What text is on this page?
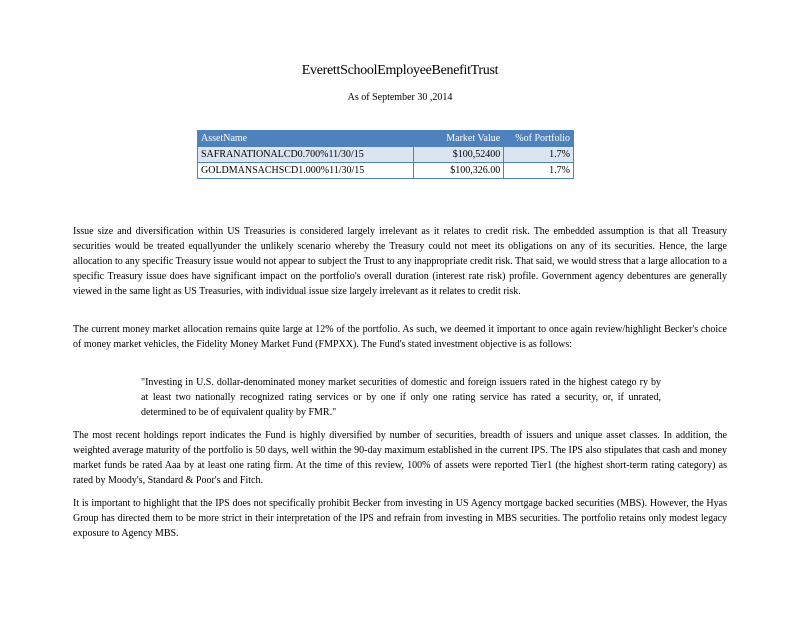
EverettSchoolEmployeeBenefitTrust
As of September 30 ,2014
AssetName	Market Value	%of Portfolio
SAFRANATIONALCD0.700%11/30/15	$100,52400	1.7%
GOLDMANSACHSCD1.000%11/30/15	$100,326.00	1.7%
Issue size and diversification within US Treasuries is considered largely irrelevant as it relates to credit risk. The embedded assumption is that all Treasury securities would be treated equallyunder the unlikely scenario whereby the Treasury could not meet its obligations on any of its securities. Hence, the large allocation to any specific Treasury issue would not appear to subject the Trust to any inappropriate credit risk. That said, we would stress that a large allocation to a specific Treasury issue does have significant impact on the portfolio's overall duration (interest rate risk) profile. Government agency debentures are generally viewed in the same light as US Treasuries, with individual issue size largely irrelevant as it relates to credit risk.
The current money market allocation remains quite large at 12% of the portfolio. As such, we deemed it important to once again review/highlight Becker's choice of money market vehicles, the Fidelity Money Market Fund (FMPXX). The Fund's stated investment objective is as follows:
"Investing in U.S. dollar-denominated money market securities of domestic and foreign issuers rated in the highest catego ry by at least two nationally recognized rating services or by one if only one rating service has rated a security, or, if unrated, determined to be of equivalent quality by FMR."
The most recent holdings report indicates the Fund is highly diversified by number of securities, breadth of issuers and unique asset classes. In addition, the weighted average maturity of the portfolio is 50 days, well within the 90-day maximum established in the current IPS. The IPS also stipulates that cash and money market funds be rated Aaa by at least one rating firm. At the time of this review, 100% of assets were reported Tier1 (the highest short-term rating category) as rated by Moody's, Standard & Poor's and Fitch.
It is important to highlight that the IPS does not specifically prohibit Becker from investing in US Agency mortgage backed securities (MBS). However, the Hyas Group has directed them to be more strict in their interpretation of the IPS and refrain from investing in MBS securities. The portfolio retains only modest legacy exposure to Agency MBS.
